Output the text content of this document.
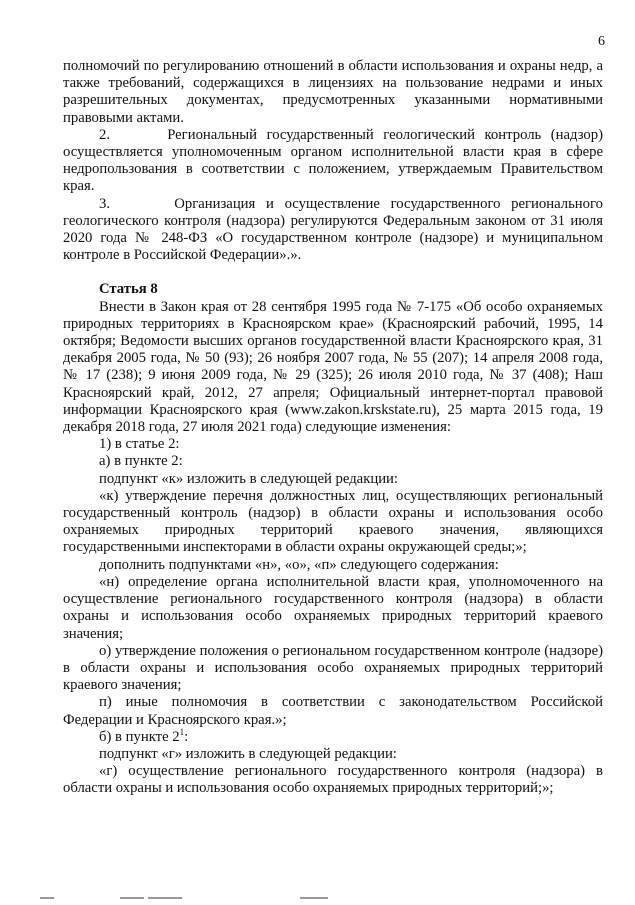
6

полномочий по регулированию отношений в области использования и охраны недр, а также требований, содержащихся в лицензиях на пользование недрами и иных разрешительных документах, предусмотренных указанными нормативными правовыми актами.

2.      Региональный государственный геологический контроль (надзор) осуществляется уполномоченным органом исполнительной власти края в сфере недропользования в соответствии с положением, утверждаемым Правительством края.

3.      Организация и осуществление государственного регионального геологического контроля (надзора) регулируются Федеральным законом от 31 июля 2020 года № 248-ФЗ «О государственном контроле (надзоре) и муниципальном контроле в Российской Федерации».».

Статья 8

Внести в Закон края от 28 сентября 1995 года № 7-175 «Об особо охраняемых природных территориях в Красноярском крае» (Красноярский рабочий, 1995, 14 октября; Ведомости высших органов государственной власти Красноярского края, 31 декабря 2005 года, № 50 (93); 26 ноября 2007 года, № 55 (207); 14 апреля 2008 года, № 17 (238); 9 июня 2009 года, № 29 (325); 26 июля 2010 года, № 37 (408); Наш Красноярский край, 2012, 27 апреля; Официальный интернет-портал правовой информации Красноярского края (www.zakon.krskstate.ru), 25 марта 2015 года, 19 декабря 2018 года, 27 июля 2021 года) следующие изменения:

1) в статье 2:

а) в пункте 2:

подпункт «к» изложить в следующей редакции:

«к) утверждение перечня должностных лиц, осуществляющих региональный государственный контроль (надзор) в области охраны и использования особо охраняемых природных территорий краевого значения, являющихся государственными инспекторами в области охраны окружающей среды;»;

дополнить подпунктами «н», «о», «п» следующего содержания:

«н) определение органа исполнительной власти края, уполномоченного на осуществление регионального государственного контроля (надзора) в области охраны и использования особо охраняемых природных территорий краевого значения;

о) утверждение положения о региональном государственном контроле (надзоре) в области охраны и использования особо охраняемых природных территорий краевого значения;

п) иные полномочия в соответствии с законодательством Российской Федерации и Красноярского края.»;

б) в пункте $2^1$:

подпункт «г» изложить в следующей редакции:

«г) осуществление регионального государственного контроля (надзора) в области охраны и использования особо охраняемых природных территорий;»;
